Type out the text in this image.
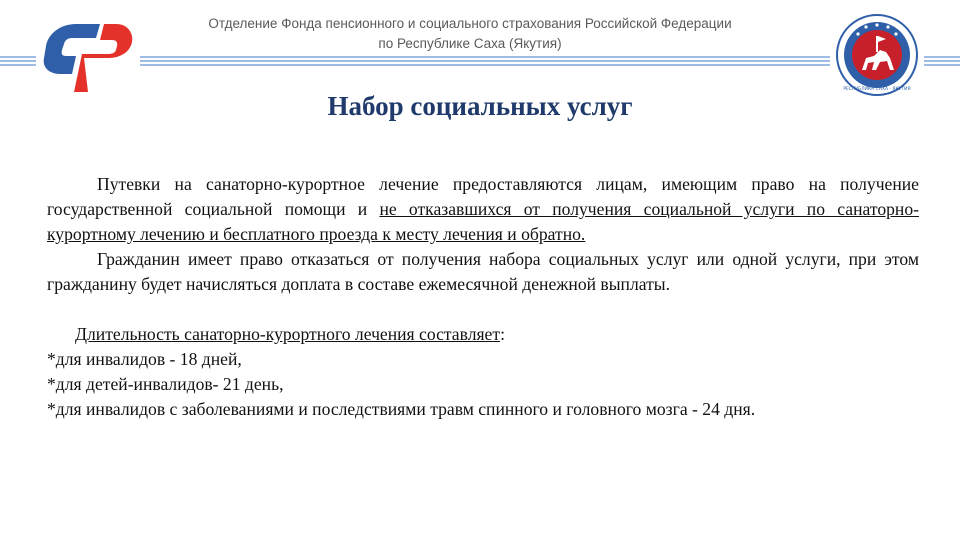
РЕСПУБЛИКА САХА · ЯКУТИЯ
Отделение Фонда пенсионного и социального страхования Российской Федерации
по Республике Саха (Якутия)
Набор социальных услуг

Путевки на санаторно-курортное лечение предоставляются лицам, имеющим право на получение государственной социальной помощи и не отказавшихся от получения социальной услуги по санаторно-курортному лечению и бесплатного проезда к месту лечения и обратно.

Гражданин имеет право отказаться от получения набора социальных услуг или одной услуги, при этом гражданину будет начисляться доплата в составе ежемесячной денежной выплаты.

Длительность санаторно-курортного лечения составляет:

*для инвалидов - 18 дней,

*для детей-инвалидов- 21 день,

*для инвалидов с заболеваниями и последствиями травм спинного и головного мозга - 24 дня.
